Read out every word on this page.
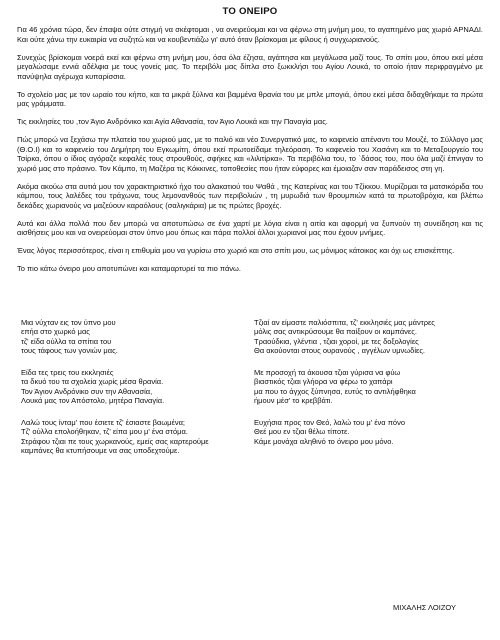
ΤΟ ΟΝΕΙΡΟ

Για 46 χρόνια τώρα, δεν έπαψα ούτε στιγμή να σκέφτομαι , να ονειρεύομαι και να φέρνω στη μνήμη μου, το αγαπημένο μας χωριό ΑΡΝΑΔΙ. Και ούτε χάνω την ευκαιρία να συζητώ και να κουβεντιάζω γι' αυτό όταν βρίσκομαι με φίλους ή συγχωριανούς.

Συνεχώς βρίσκομαι νοερά εκεί και φέρνω στη μνήμη μου, όσα όλα έζησα, αγάπησα και μεγάλωσα μαζί τους. Το σπίτι μου, όπου εκεί μέσα μεγαλώσαμε εννιά αδέλφια με τους γονείς μας. Το περιβόλι μας δίπλα στο ξωκκλήσι του Αγίου Λουκά, το οποίο ήταν περιφραγμένο με πανύψηλα αγέρωχα κυπαρίσσια.

Το σχολείο μας με τον ωραίο του κήπο, και τα μικρά ξύλινα και βαμμένα θρανία του με μπλε μπογιά, όπου εκεί μέσα διδαχθήκαμε τα πρώτα μας γράμματα.

Τις εκκλησίες του ,τον Άγιο Ανδρόνικο και Αγία Αθανασία, τον Άγιο Λουκά και την Παναγία μας.

Πώς μπορώ να ξεχάσω την πλατεία του χωριού μας, με το παλιό και νέο Συνεργατικό μας, το καφενείο απέναντι του Μουζέ, το Σύλλογο μας (Θ.Ο.Ι) και το καφενείο του Δημήτρη του Εγκωμίτη, όπου εκεί πρωτοείδαμε τηλεόραση. Το καφενείο του Χασάνη και το Μεταξουργείο του Τσίρκα, όπου ο ίδιος αγόραζε κεφαλές τους στρουθούς, σφήκες και «λιλιτίρκα». Τα περιβόλια του, το `δάσος του, που όλα μαζί έπνιγαν το χωριό μας στο πράσινο. Τον Κάμπο, τη Μαζέρα τις Κόκκινες, τοποθεσίες που ήταν εύφορες και έμοιαζαν σαν παράδεισος στη γη.

Ακόμα ακούω στα αυτιά μου τον χαρακτηριστικό ήχο του αλακατιού του Ψαθά , της Κατερίνας και του Τζίκκου. Μυρίζομαι τα ματσικόριδα του κάμπου, τους λαλέδες του τράχωνα, τους λεμονανθούς των περιβολιών , τη μυρωδιά των θρουμπιών κατά τα πρωτοβρόχια, και βλέπω δεκάδες χωριανούς να μαζεύουν καραόλους (σαλιγκάρια) με τις πρώτες βροχές.

Αυτά και άλλα πολλά που δεν μπορώ να αποτυπώσω σε ένα χαρτί με λόγια είναι η αιτία και αφορμή να ξυπνούν τη συνείδηση και τις αισθήσεις μου και να ονειρεύομαι στον ύπνο μου όπως και πάρα πολλοί άλλοι χωριανοί μας που έχουν μνήμες.

Ένας λόγος περισσότερος, είναι η επιθυμία μου να γυρίσω στο χωριό και στο σπίτι μου, ως μόνιμος κάτοικος και όχι ως επισκέπτης.

Το πιο κάτω όνειρο μου αποτυπώνει και καταμαρτυρεί τα πιο πάνω.

Μια νύχταν εις τον ύπνο μου
επήα στο χωρκό μας
τζ' είδα ούλλα τα σπίτια του
τους τάφους των γονιών μας.
Είδα τες τρεις του εκκλησιές
τα δκυό του τα σχολεία χωρίς μέσα θρανία.
Τον Άγιον Ανδρόνικο συν την Αθανασία,
Λουκά μας τον Απόστολο, μητέρα Παναγία.
Λαλώ τους ίνταμ' που έσιετε τζ' έσιαστε βαωμένα;
Τζ' ούλλα επολοήθηκαν, τζ' είπα μου μ' ένα στόμα.
Στράφου τζιαι πε τους χωρκανούς, εμείς σας καρτερούμε
καμπάνες θα κτυπήσουμε να σας υποδεχτούμε.
Τζιαί αν είμαστε παλιόσπιτα, τζ' εκκλησιές μας μάντρες
μόλις σας αντικρύσουμε θα παίξουν οι καμπάνες.
Τραούδκια, γλέντια , τζιαι χοροί, με τες δοξολογίες
Θα ακούονται στους ουρανούς , αγγέλων υμνωδίες.
Με προσοχή τα άκουσα τζιαι γύρισα να φύω
βιαστικός τζιαι γλήορα να φέρω το χαπάρι
μα που το άγχος ξύπνησα, ευτύς το αντιλήφθηκα
ήμουν μέσ' το κρεββάτι.
Ευχήσια προς τον Θεό, λαλώ του μ' ένα πόνο
Θεέ μου εν τζιαι θέλω τίποτε.
Κάμε μονάχα αληθινό το όνειρο μου μόνο.
ΜΙΧΑΛΗΣ ΛΟΙΖΟΥ
